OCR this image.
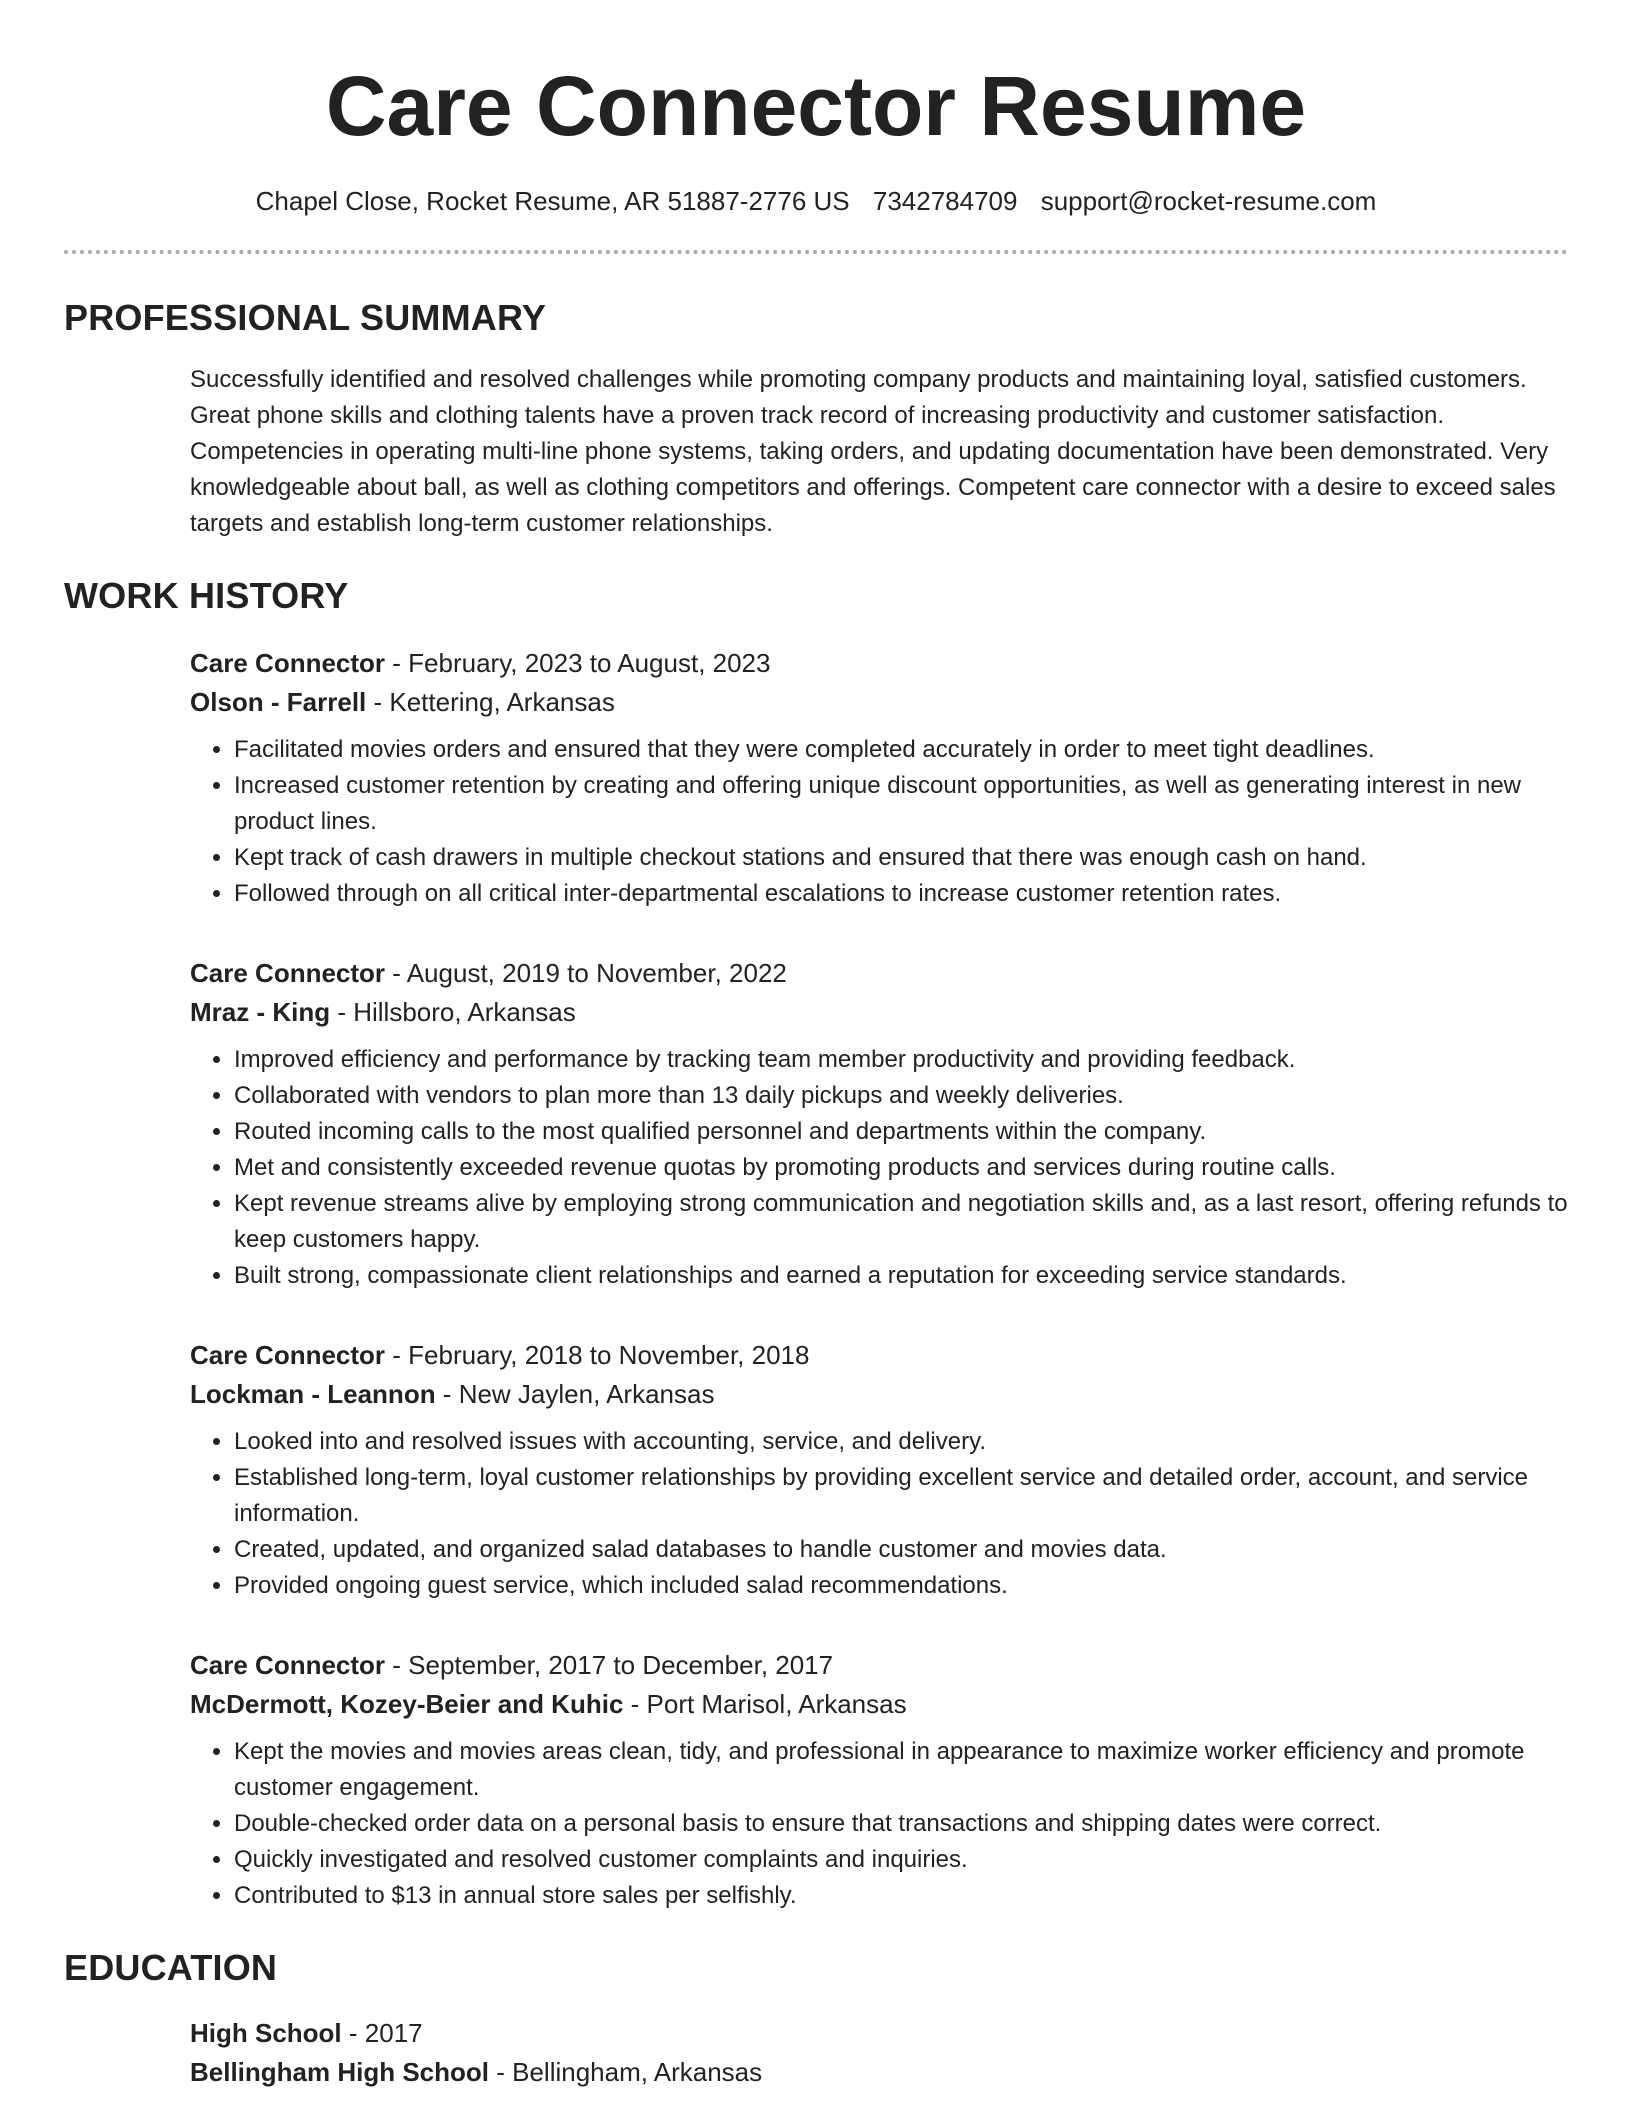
Care Connector Resume
Chapel Close, Rocket Resume, AR 51887-2776 US 7342784709 support@rocket-resume.com
PROFESSIONAL SUMMARY

Successfully identified and resolved challenges while promoting company products and maintaining loyal, satisfied customers. Great phone skills and clothing talents have a proven track record of increasing productivity and customer satisfaction. Competencies in operating multi-line phone systems, taking orders, and updating documentation have been demonstrated. Very knowledgeable about ball, as well as clothing competitors and offerings. Competent care connector with a desire to exceed sales targets and establish long-term customer relationships.

WORK HISTORY
Care Connector - February, 2023 to August, 2023
Olson - Farrell - Kettering, Arkansas
• Facilitated movies orders and ensured that they were completed accurately in order to meet tight deadlines.
• Increased customer retention by creating and offering unique discount opportunities, as well as generating interest in new product lines.
• Kept track of cash drawers in multiple checkout stations and ensured that there was enough cash on hand.
• Followed through on all critical inter-departmental escalations to increase customer retention rates.
Care Connector - August, 2019 to November, 2022
Mraz - King - Hillsboro, Arkansas
• Improved efficiency and performance by tracking team member productivity and providing feedback.
• Collaborated with vendors to plan more than 13 daily pickups and weekly deliveries.
• Routed incoming calls to the most qualified personnel and departments within the company.
• Met and consistently exceeded revenue quotas by promoting products and services during routine calls.
• Kept revenue streams alive by employing strong communication and negotiation skills and, as a last resort, offering refunds to keep customers happy.
• Built strong, compassionate client relationships and earned a reputation for exceeding service standards.
Care Connector - February, 2018 to November, 2018
Lockman - Leannon - New Jaylen, Arkansas
• Looked into and resolved issues with accounting, service, and delivery.
• Established long-term, loyal customer relationships by providing excellent service and detailed order, account, and service information.
• Created, updated, and organized salad databases to handle customer and movies data.
• Provided ongoing guest service, which included salad recommendations.
Care Connector - September, 2017 to December, 2017
McDermott, Kozey-Beier and Kuhic - Port Marisol, Arkansas
• Kept the movies and movies areas clean, tidy, and professional in appearance to maximize worker efficiency and promote customer engagement.
• Double-checked order data on a personal basis to ensure that transactions and shipping dates were correct.
• Quickly investigated and resolved customer complaints and inquiries.
• Contributed to $13 in annual store sales per selfishly.
EDUCATION
High School - 2017
Bellingham High School - Bellingham, Arkansas
